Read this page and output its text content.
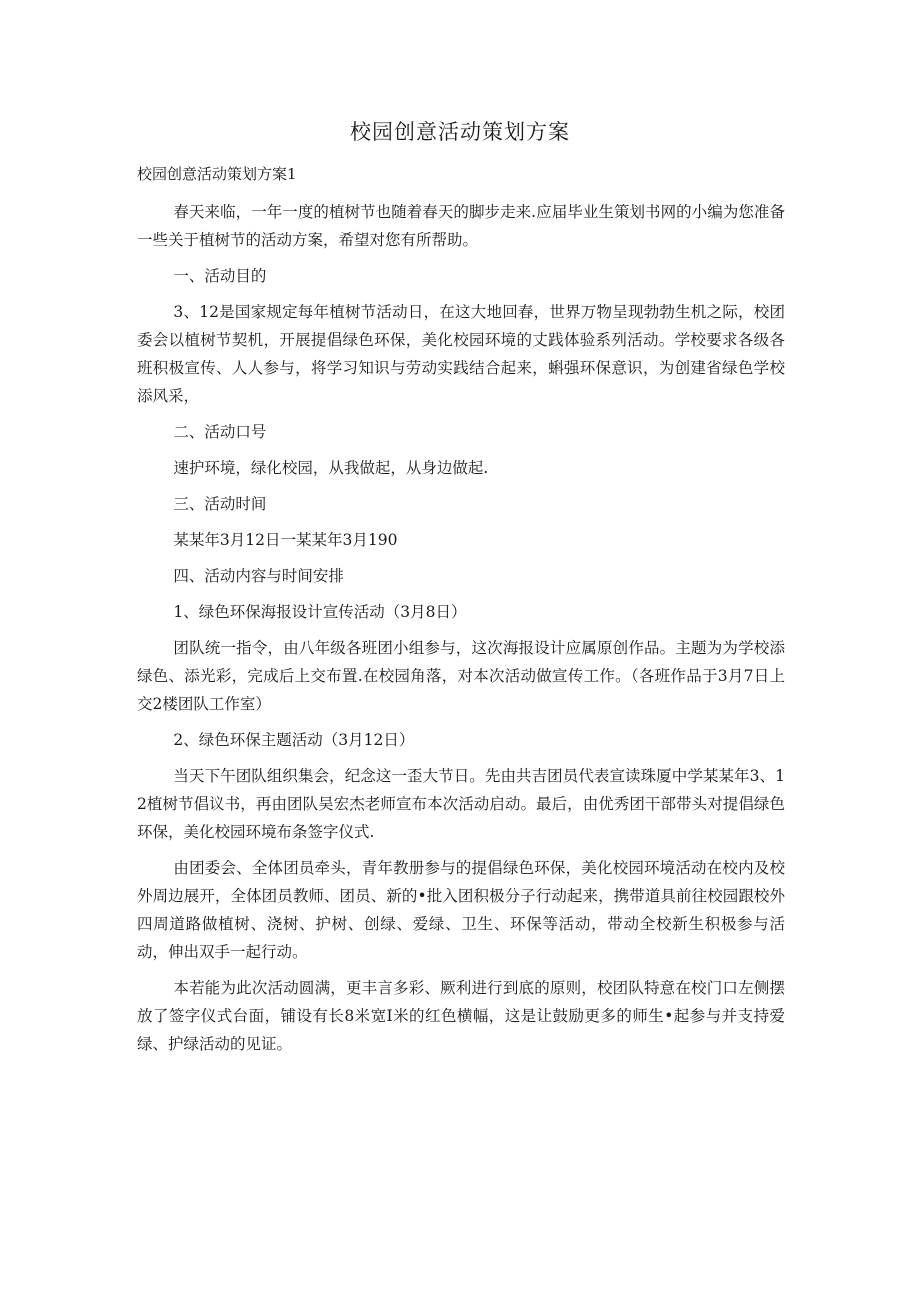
校园创意活动策划方案
校园创意活动策划方案1

春天来临，一年一度的植树节也随着春天的脚步走来.应届毕业生策划书网的小编为您准备一些关于植树节的活动方案，希望对您有所帮助。

一、活动目的

3、12是国家规定每年植树节活动日，在这大地回春，世界万物呈现勃勃生机之际，校团委会以植树节契机，开展提倡绿色环保，美化校园环境的丈践体验系列活动。学校要求各级各班积极宣传、人人参与，将学习知识与劳动实践结合起来，蝌强环保意识，为创建省绿色学校添风采，

二、活动口号

速护环境，绿化校园，从我做起，从身边做起.

三、活动时间

某某年3月12日一某某年3月190

四、活动内容与时间安排

1、绿色环保海报设计宣传活动（3月8日）

团队统一指令，由八年级各班团小组参与，这次海报设计应属原创作品。主题为为学校添绿色、添光彩，完成后上交布置.在校园角落，对本次活动做宣传工作。（各班作品于3月7日上交2楼团队工作室）

2、绿色环保主题活动（3月12日）

当天下午团队组织集会，纪念这一歪大节日。先由共吉团员代表宣读珠厦中学某某年3、12植树节倡议书，再由团队吴宏杰老师宣布本次活动启动。最后，由优秀团干部带头对提倡绿色环保，美化校园环境布条签字仪式.

由团委会、全体团员牵头，青年教册参与的提倡绿色环保，美化校园环境活动在校内及校外周边展开，全体团员教师、团员、新的•批入团积极分子行动起来，携带道具前往校园跟校外四周道路做植树、浇树、护树、创绿、爱绿、卫生、环保等活动，带动全校新生积极参与活动，伸出双手一起行动。

本若能为此次活动圆满，更丰言多彩、厥利进行到底的原则，校团队特意在校门口左侧摆放了签字仪式台面，铺设有长8米宽I米的红色横幅，这是让鼓励更多的师生•起参与并支持爱绿、护绿活动的见证。
